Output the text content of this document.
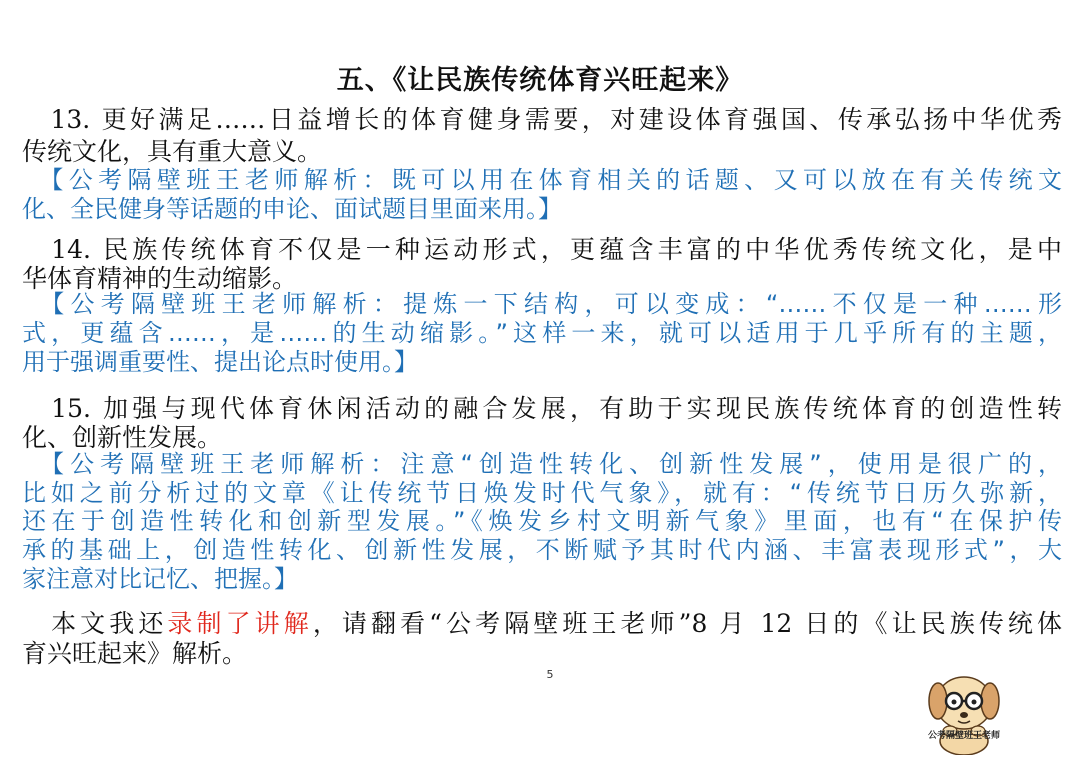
五、《让民族传统体育兴旺起来》
　13. 更好满足……日益增长的体育健身需要，对建设体育强国、传承弘扬中华优秀
传统文化，具有重大意义。
　【公考隔壁班王老师解析：既可以用在体育相关的话题、又可以放在有关传统文
化、全民健身等话题的申论、面试题目里面来用。】
　14. 民族传统体育不仅是一种运动形式，更蕴含丰富的中华优秀传统文化，是中
华体育精神的生动缩影。
　【公考隔壁班王老师解析：提炼一下结构，可以变成：“……不仅是一种……形
式，更蕴含……，是……的生动缩影。”这样一来，就可以适用于几乎所有的主题，
用于强调重要性、提出论点时使用。】
　15. 加强与现代体育休闲活动的融合发展，有助于实现民族传统体育的创造性转
化、创新性发展。
　【公考隔壁班王老师解析：注意“创造性转化、创新性发展”，使用是很广的，
比如之前分析过的文章《让传统节日焕发时代气象》，就有：“传统节日历久弥新，
还在于创造性转化和创新型发展。”《焕发乡村文明新气象》里面，也有“在保护传
承的基础上，创造性转化、创新性发展，不断赋予其时代内涵、丰富表现形式”，大
家注意对比记忆、把握。】
　本文我还录制了讲解，请翻看“公考隔壁班王老师”8 月 12 日的《让民族传统体
育兴旺起来》解析。
5
公考隔壁班王老师
